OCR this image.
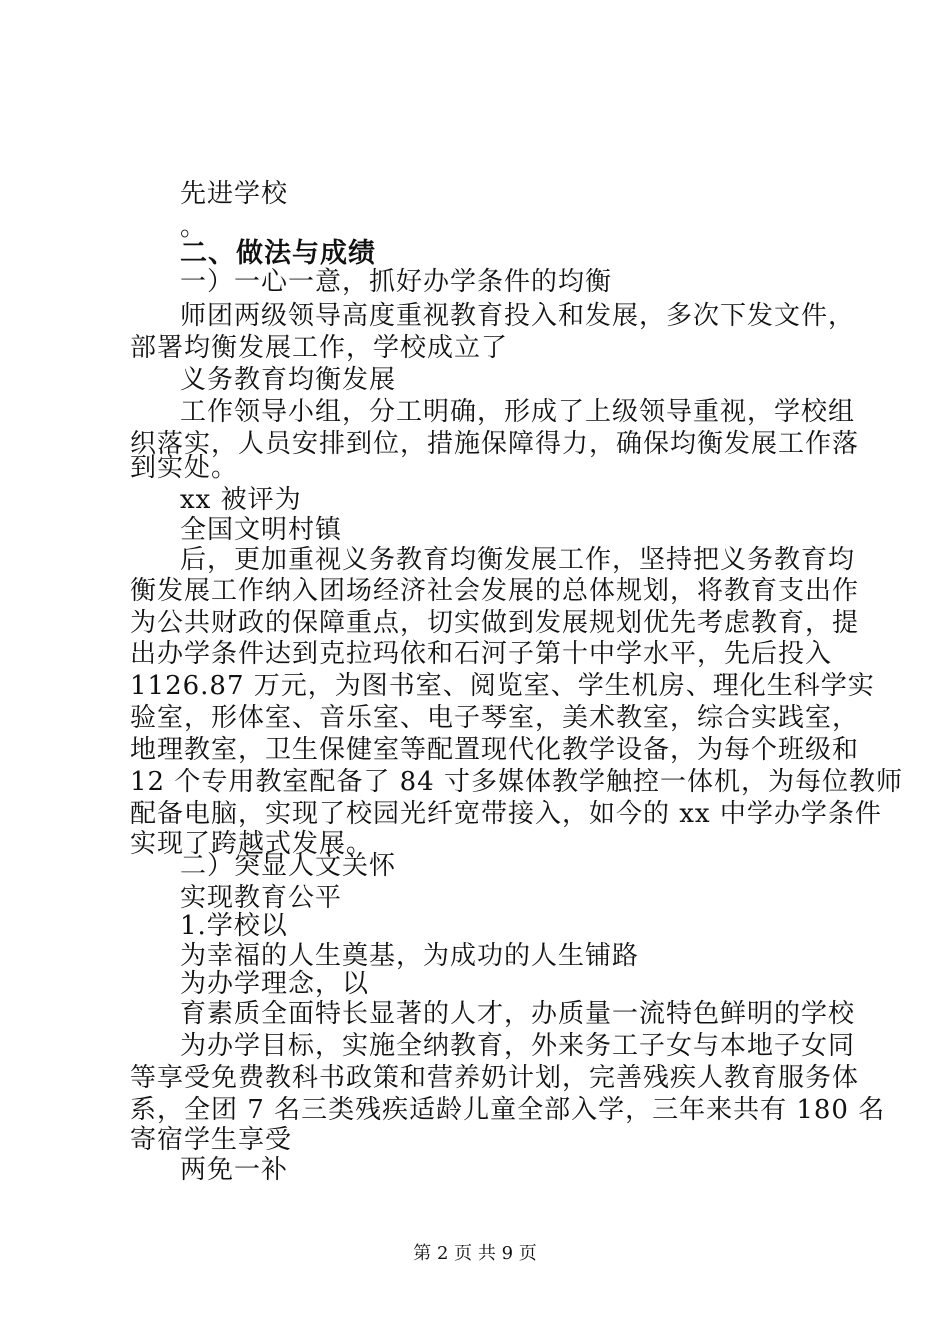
先进学校
。
二、做法与成绩
一）一心一意，抓好办学条件的均衡
师团两级领导高度重视教育投入和发展，多次下发文件，
部署均衡发展工作，学校成立了
义务教育均衡发展
工作领导小组，分工明确，形成了上级领导重视，学校组
织落实，人员安排到位，措施保障得力，确保均衡发展工作落
到实处。
xx 被评为
全国文明村镇
后，更加重视义务教育均衡发展工作，坚持把义务教育均
衡发展工作纳入团场经济社会发展的总体规划，将教育支出作
为公共财政的保障重点，切实做到发展规划优先考虑教育，提
出办学条件达到克拉玛依和石河子第十中学水平，先后投入
1126.87 万元，为图书室、阅览室、学生机房、理化生科学实
验室，形体室、音乐室、电子琴室，美术教室，综合实践室，
地理教室，卫生保健室等配置现代化教学设备，为每个班级和
12 个专用教室配备了 84 寸多媒体教学触控一体机，为每位教师
配备电脑，实现了校园光纤宽带接入，如今的 xx 中学办学条件
实现了跨越式发展。
二）突显人文关怀
实现教育公平
1.学校以
为幸福的人生奠基，为成功的人生铺路
为办学理念，以
育素质全面特长显著的人才，办质量一流特色鲜明的学校
为办学目标，实施全纳教育，外来务工子女与本地子女同
等享受免费教科书政策和营养奶计划，完善残疾人教育服务体
系，全团 7 名三类残疾适龄儿童全部入学，三年来共有 180 名
寄宿学生享受
两免一补
第 2 页 共 9 页
